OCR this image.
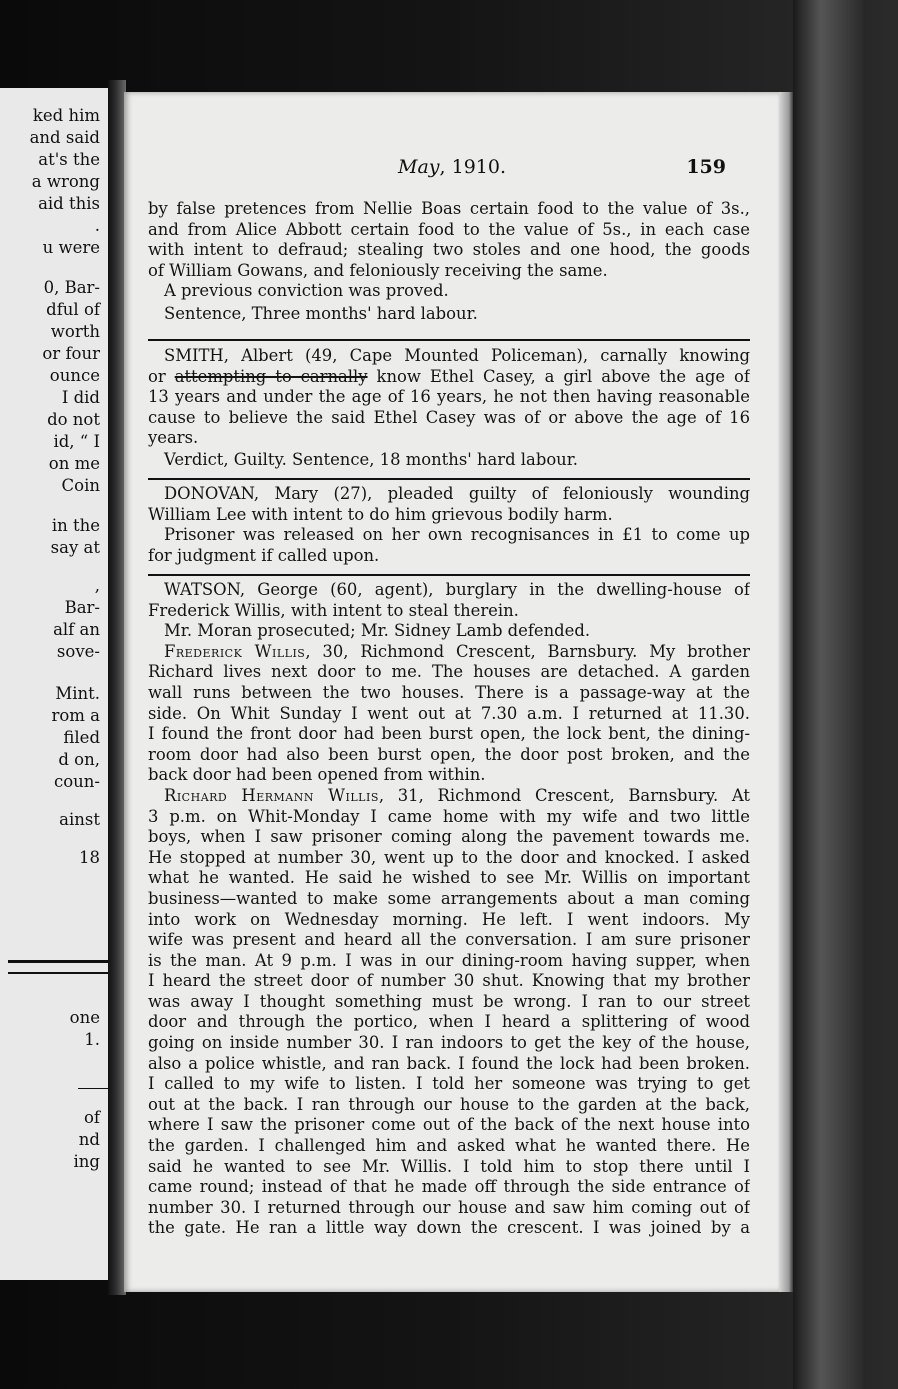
ked him
and said
at's the
a wrong
aid this
.
u were
0, Bar-
dful of
worth
or four
ounce
I did
do not
id, “ I
on me
Coin
in the
say at
,
Bar-
alf an
sove-
Mint.
rom a
filed
d on,
coun-
ainst
18
one
1.
of
nd
ing
May, 1910.	159
by false pretences from Nellie Boas certain food to the value of 3s.,
and from Alice Abbott certain food to the value of 5s., in each case
with intent to defraud; stealing two stoles and one hood, the goods
of William Gowans, and feloniously receiving the same.
A previous conviction was proved.
Sentence, Three months' hard labour.
SMITH, Albert (49, Cape Mounted Policeman), carnally knowing
or attempting to carnally know Ethel Casey, a girl above the age of
13 years and under the age of 16 years, he not then having reasonable
cause to believe the said Ethel Casey was of or above the age of 16
years.
Verdict, Guilty. Sentence, 18 months' hard labour.
DONOVAN, Mary (27), pleaded guilty of feloniously wounding
William Lee with intent to do him grievous bodily harm.
Prisoner was released on her own recognisances in £1 to come up
for judgment if called upon.
WATSON, George (60, agent), burglary in the dwelling-house of
Frederick Willis, with intent to steal therein.
Mr. Moran prosecuted; Mr. Sidney Lamb defended.
Frederick Willis, 30, Richmond Crescent, Barnsbury. My brother
Richard lives next door to me. The houses are detached. A garden
wall runs between the two houses. There is a passage-way at the
side. On Whit Sunday I went out at 7.30 a.m. I returned at 11.30.
I found the front door had been burst open, the lock bent, the dining-
room door had also been burst open, the door post broken, and the
back door had been opened from within.
Richard Hermann Willis, 31, Richmond Crescent, Barnsbury. At
3 p.m. on Whit-Monday I came home with my wife and two little
boys, when I saw prisoner coming along the pavement towards me.
He stopped at number 30, went up to the door and knocked. I asked
what he wanted. He said he wished to see Mr. Willis on important
business—wanted to make some arrangements about a man coming
into work on Wednesday morning. He left. I went indoors. My
wife was present and heard all the conversation. I am sure prisoner
is the man. At 9 p.m. I was in our dining-room having supper, when
I heard the street door of number 30 shut. Knowing that my brother
was away I thought something must be wrong. I ran to our street
door and through the portico, when I heard a splittering of wood
going on inside number 30. I ran indoors to get the key of the house,
also a police whistle, and ran back. I found the lock had been broken.
I called to my wife to listen. I told her someone was trying to get
out at the back. I ran through our house to the garden at the back,
where I saw the prisoner come out of the back of the next house into
the garden. I challenged him and asked what he wanted there. He
said he wanted to see Mr. Willis. I told him to stop there until I
came round; instead of that he made off through the side entrance of
number 30. I returned through our house and saw him coming out of
the gate. He ran a little way down the crescent. I was joined by a
